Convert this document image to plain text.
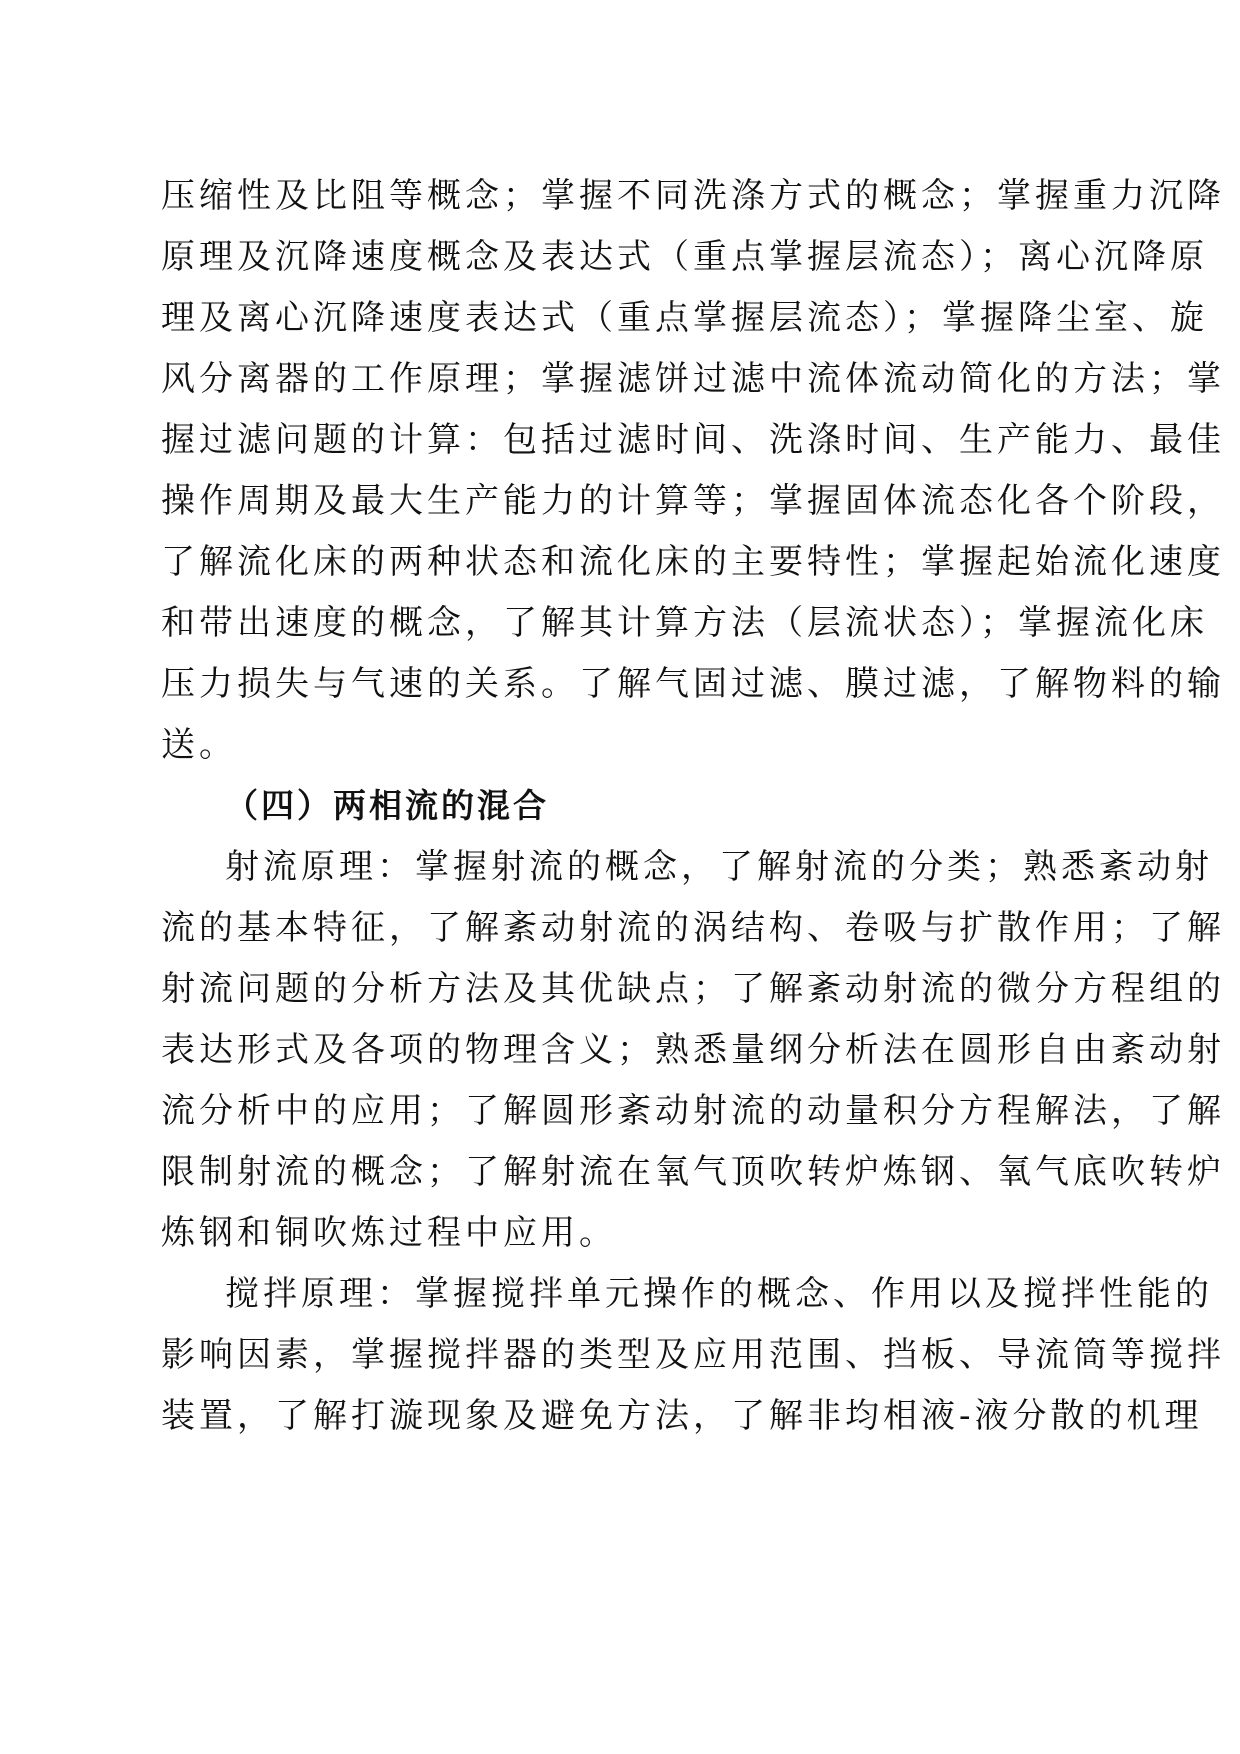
压缩性及比阻等概念；掌握不同洗涤方式的概念；掌握重力沉降
原理及沉降速度概念及表达式（重点掌握层流态）；离心沉降原
理及离心沉降速度表达式（重点掌握层流态）；掌握降尘室、旋
风分离器的工作原理；掌握滤饼过滤中流体流动简化的方法；掌
握过滤问题的计算：包括过滤时间、洗涤时间、生产能力、最佳
操作周期及最大生产能力的计算等；掌握固体流态化各个阶段，
了解流化床的两种状态和流化床的主要特性；掌握起始流化速度
和带出速度的概念，了解其计算方法（层流状态）；掌握流化床
压力损失与气速的关系。了解气固过滤、膜过滤，了解物料的输
送。
（四）两相流的混合
射流原理：掌握射流的概念，了解射流的分类；熟悉紊动射
流的基本特征，了解紊动射流的涡结构、卷吸与扩散作用；了解
射流问题的分析方法及其优缺点；了解紊动射流的微分方程组的
表达形式及各项的物理含义；熟悉量纲分析法在圆形自由紊动射
流分析中的应用；了解圆形紊动射流的动量积分方程解法，了解
限制射流的概念；了解射流在氧气顶吹转炉炼钢、氧气底吹转炉
炼钢和铜吹炼过程中应用。
搅拌原理：掌握搅拌单元操作的概念、作用以及搅拌性能的
影响因素，掌握搅拌器的类型及应用范围、挡板、导流筒等搅拌
装置，了解打漩现象及避免方法，了解非均相液-液分散的机理
